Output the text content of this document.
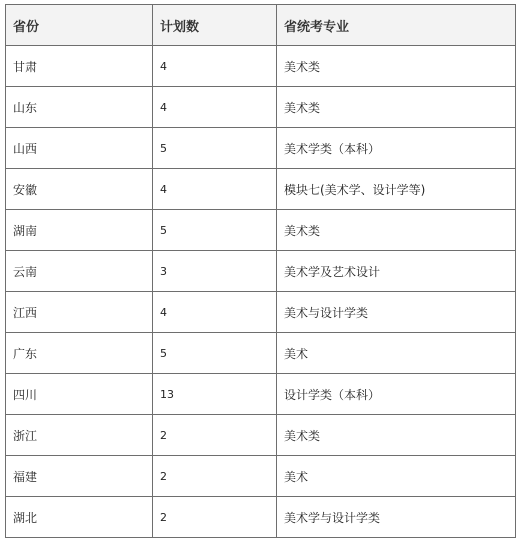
省份	计划数	省统考专业
甘肃	4	美术类
山东	4	美术类
山西	5	美术学类（本科）
安徽	4	模块七(美术学、设计学等)
湖南	5	美术类
云南	3	美术学及艺术设计
江西	4	美术与设计学类
广东	5	美术
四川	13	设计学类（本科）
浙江	2	美术类
福建	2	美术
湖北	2	美术学与设计学类
